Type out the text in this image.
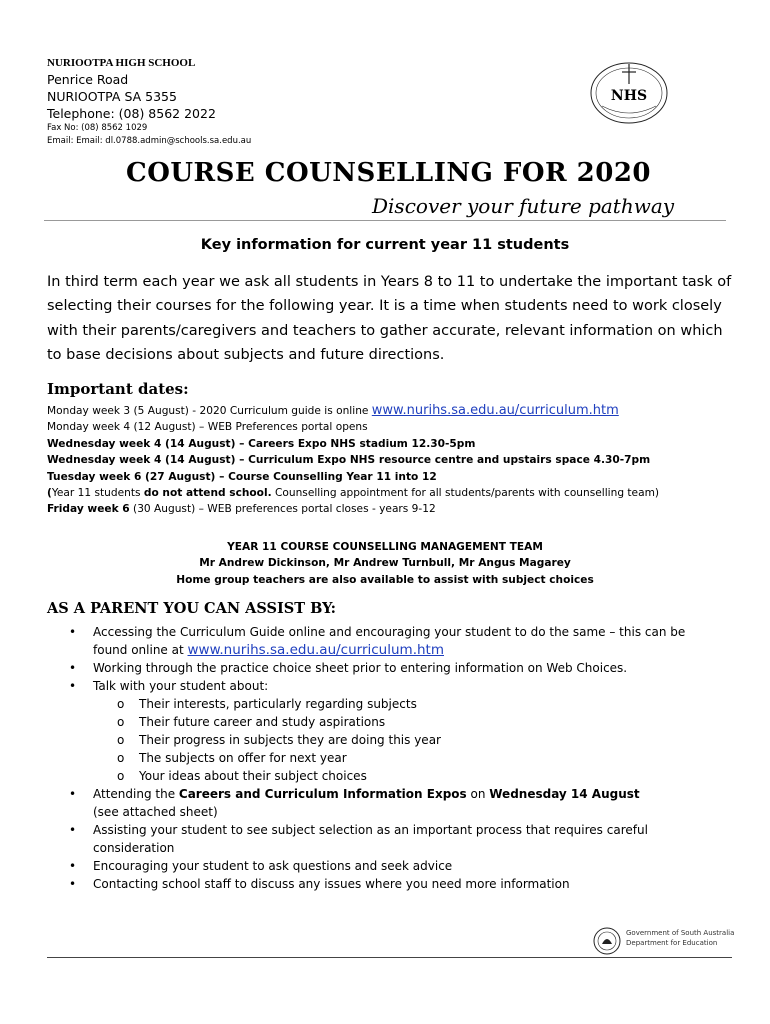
NURIOOTPA HIGH SCHOOL
Penrice Road
NURIOOTPA SA 5355
Telephone: (08) 8562 2022
Fax No: (08) 8562 1029
Email: Email: dl.0788.admin@schools.sa.edu.au
NHS
COURSE COUNSELLING FOR 2020
Discover your future pathway
Key information for current year 11 students
In third term each year we ask all students in Years 8 to 11 to undertake the important task of selecting their courses for the following year. It is a time when students need to work closely with their parents/caregivers and teachers to gather accurate, relevant information on which to base decisions about subjects and future directions.
Important dates:
Monday week 3 (5 August) - 2020 Curriculum guide is online www.nurihs.sa.edu.au/curriculum.htm
Monday week 4 (12 August) – WEB Preferences portal opens
Wednesday week 4 (14 August) – Careers Expo NHS stadium 12.30-5pm
Wednesday week 4 (14 August) – Curriculum Expo NHS resource centre and upstairs space 4.30-7pm
Tuesday week 6 (27 August) – Course Counselling Year 11 into 12
(Year 11 students do not attend school. Counselling appointment for all students/parents with counselling team)
Friday week 6 (30 August) – WEB preferences portal closes - years 9-12
YEAR 11 COURSE COUNSELLING MANAGEMENT TEAM
Mr Andrew Dickinson, Mr Andrew Turnbull, Mr Angus Magarey
Home group teachers are also available to assist with subject choices
AS A PARENT YOU CAN ASSIST BY:
• Accessing the Curriculum Guide online and encouraging your student to do the same – this can be
found online at www.nurihs.sa.edu.au/curriculum.htm
• Working through the practice choice sheet prior to entering information on Web Choices.
• Talk with your student about:
o Their interests, particularly regarding subjects
o Their future career and study aspirations
o Their progress in subjects they are doing this year
o The subjects on offer for next year
o Your ideas about their subject choices
• Attending the Careers and Curriculum Information Expos on Wednesday 14 August
(see attached sheet)
• Assisting your student to see subject selection as an important process that requires careful
consideration
• Encouraging your student to ask questions and seek advice
• Contacting school staff to discuss any issues where you need more information
Government of South Australia
Department for Education
